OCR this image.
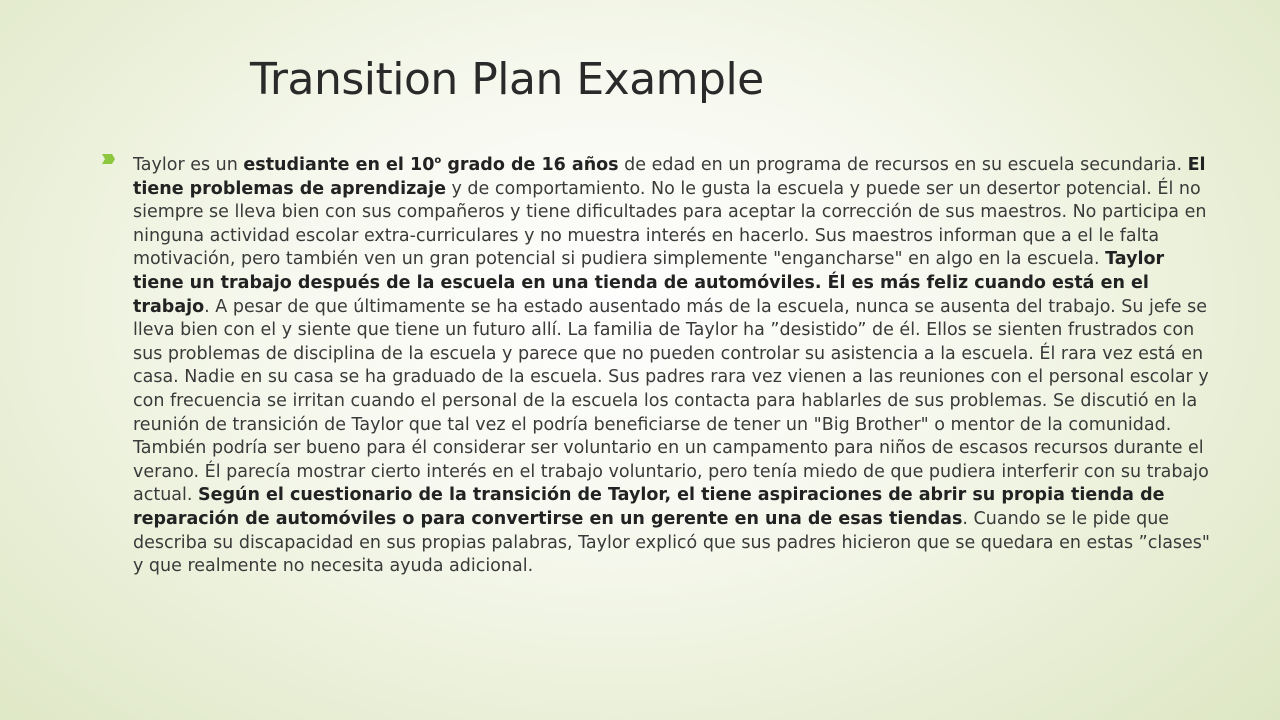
Transition Plan Example

Taylor es un estudiante en el 10$^o$ grado de 16 años de edad en un programa de recursos en su escuela secundaria. El tiene problemas de aprendizaje y de comportamiento. No le gusta la escuela y puede ser un desertor potencial. Él no siempre se lleva bien con sus compañeros y tiene dificultades para aceptar la corrección de sus maestros. No participa en ninguna actividad escolar extra-curriculares y no muestra interés en hacerlo. Sus maestros informan que a el le falta motivación, pero también ven un gran potencial si pudiera simplemente "engancharse" en algo en la escuela. Taylor tiene un trabajo después de la escuela en una tienda de automóviles. Él es más feliz cuando está en el trabajo. A pesar de que últimamente se ha estado ausentado más de la escuela, nunca se ausenta del trabajo. Su jefe se lleva bien con el y siente que tiene un futuro allí. La familia de Taylor ha ”desistido” de él. Ellos se sienten frustrados con sus problemas de disciplina de la escuela y parece que no pueden controlar su asistencia a la escuela. Él rara vez está en casa. Nadie en su casa se ha graduado de la escuela. Sus padres rara vez vienen a las reuniones con el personal escolar y con frecuencia se irritan cuando el personal de la escuela los contacta para hablarles de sus problemas. Se discutió en la reunión de transición de Taylor que tal vez el podría beneficiarse de tener un "Big Brother" o mentor de la comunidad. También podría ser bueno para él considerar ser voluntario en un campamento para niños de escasos recursos durante el verano. Él parecía mostrar cierto interés en el trabajo voluntario, pero tenía miedo de que pudiera interferir con su trabajo actual. Según el cuestionario de la transición de Taylor, el tiene aspiraciones de abrir su propia tienda de reparación de automóviles o para convertirse en un gerente en una de esas tiendas. Cuando se le pide que describa su discapacidad en sus propias palabras, Taylor explicó que sus padres hicieron que se quedara en estas ”clases" y que realmente no necesita ayuda adicional.
